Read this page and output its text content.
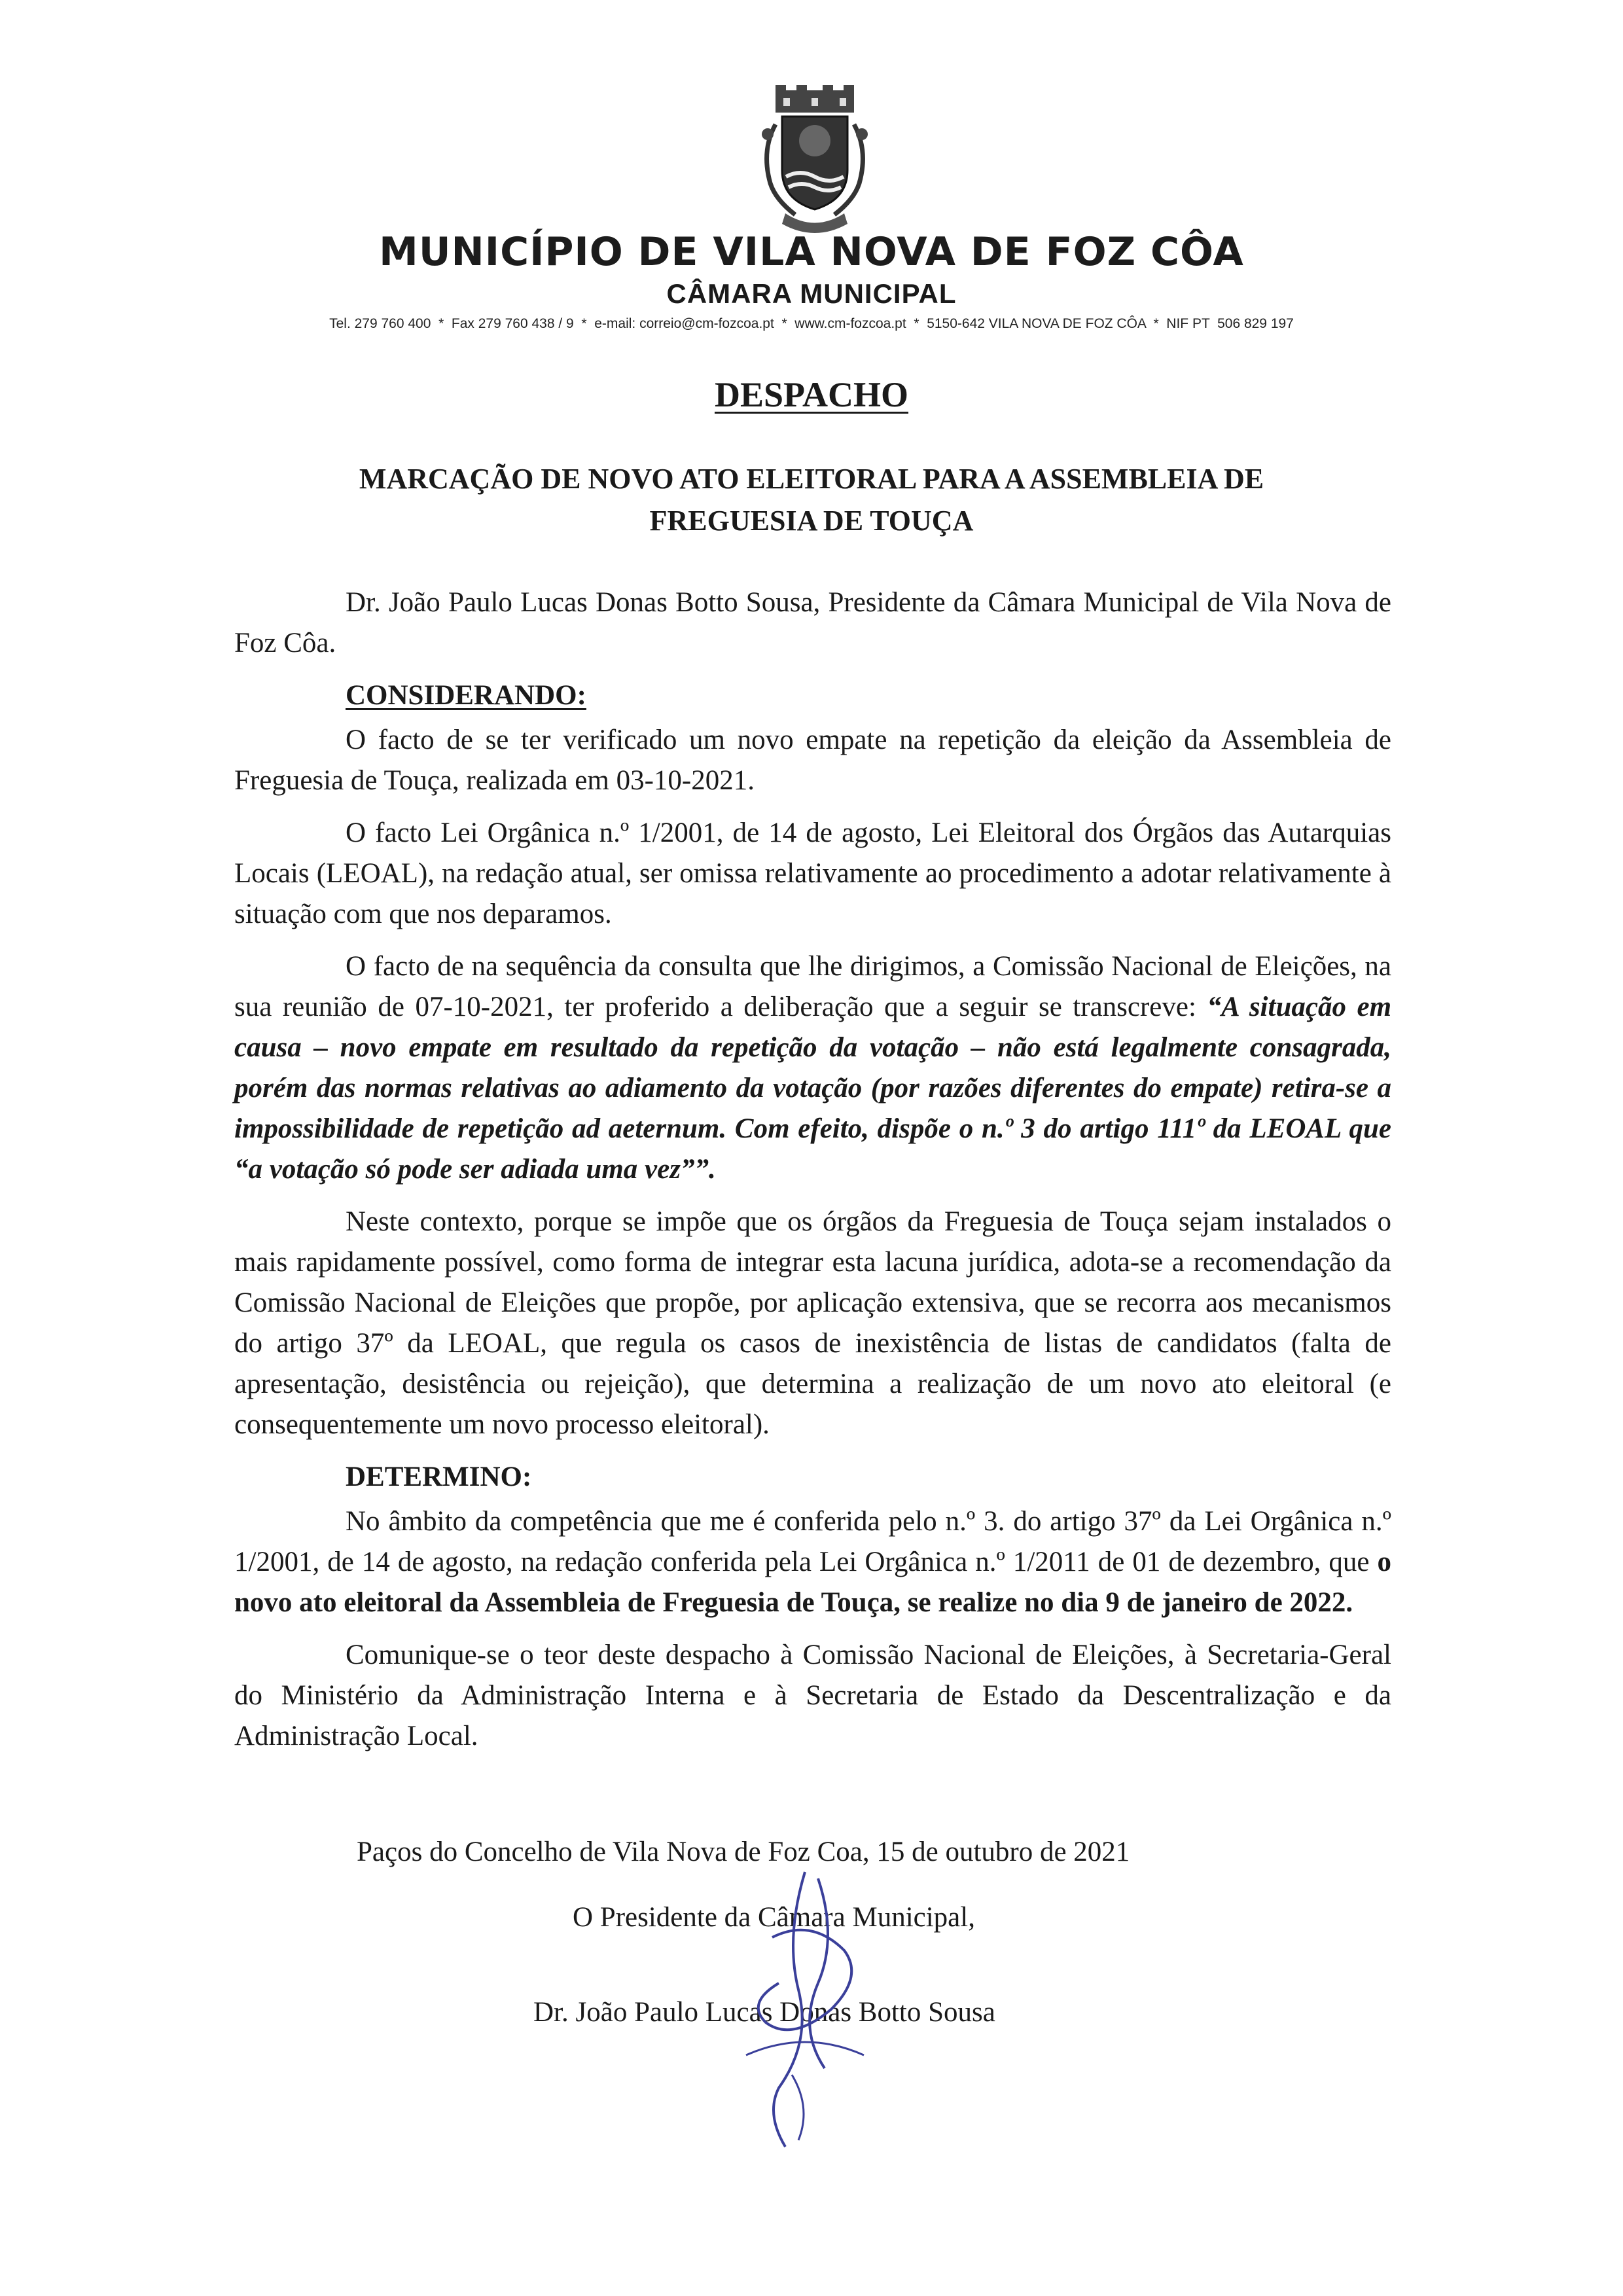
MUNICÍPIO DE VILA NOVA DE FOZ CÔA
CÂMARA MUNICIPAL
Tel. 279 760 400  *  Fax 279 760 438 / 9  *  e-mail: correio@cm-fozcoa.pt  *  www.cm-fozcoa.pt  *  5150-642 VILA NOVA DE FOZ CÔA  *  NIF PT  506 829 197
DESPACHO
MARCAÇÃO DE NOVO ATO ELEITORAL PARA A ASSEMBLEIA DE
FREGUESIA DE TOUÇA

Dr. João Paulo Lucas Donas Botto Sousa, Presidente da Câmara Municipal de Vila Nova de Foz Côa.

CONSIDERANDO:

O facto de se ter verificado um novo empate na repetição da eleição da Assembleia de Freguesia de Touça, realizada em 03-10-2021.

O facto Lei Orgânica n.º 1/2001, de 14 de agosto, Lei Eleitoral dos Órgãos das Autarquias Locais (LEOAL), na redação atual, ser omissa relativamente ao procedimento a adotar relativamente à situação com que nos deparamos.

O facto de na sequência da consulta que lhe dirigimos, a Comissão Nacional de Eleições, na sua reunião de 07-10-2021, ter proferido a deliberação que a seguir se transcreve: “A situação em causa – novo empate em resultado da repetição da votação – não está legalmente consagrada, porém das normas relativas ao adiamento da votação (por razões diferentes do empate) retira-se a impossibilidade de repetição ad aeternum. Com efeito, dispõe o n.º 3 do artigo 111º da LEOAL que “a votação só pode ser adiada uma vez””.

Neste contexto, porque se impõe que os órgãos da Freguesia de Touça sejam instalados o mais rapidamente possível, como forma de integrar esta lacuna jurídica, adota-se a recomendação da Comissão Nacional de Eleições que propõe, por aplicação extensiva, que se recorra aos mecanismos do artigo 37º da LEOAL, que regula os casos de inexistência de listas de candidatos (falta de apresentação, desistência ou rejeição), que determina a realização de um novo ato eleitoral (e consequentemente um novo processo eleitoral).

DETERMINO:

No âmbito da competência que me é conferida pelo n.º 3. do artigo 37º da Lei Orgânica n.º 1/2001, de 14 de agosto, na redação conferida pela Lei Orgânica n.º 1/2011 de 01 de dezembro, que o novo ato eleitoral da Assembleia de Freguesia de Touça, se realize no dia 9 de janeiro de 2022.

Comunique-se o teor deste despacho à Comissão Nacional de Eleições, à Secretaria-Geral do Ministério da Administração Interna e à Secretaria de Estado da Descentralização e da Administração Local.

Paços do Concelho de Vila Nova de Foz Coa, 15 de outubro de 2021
O Presidente da Câmara Municipal,
Dr. João Paulo Lucas Donas Botto Sousa
